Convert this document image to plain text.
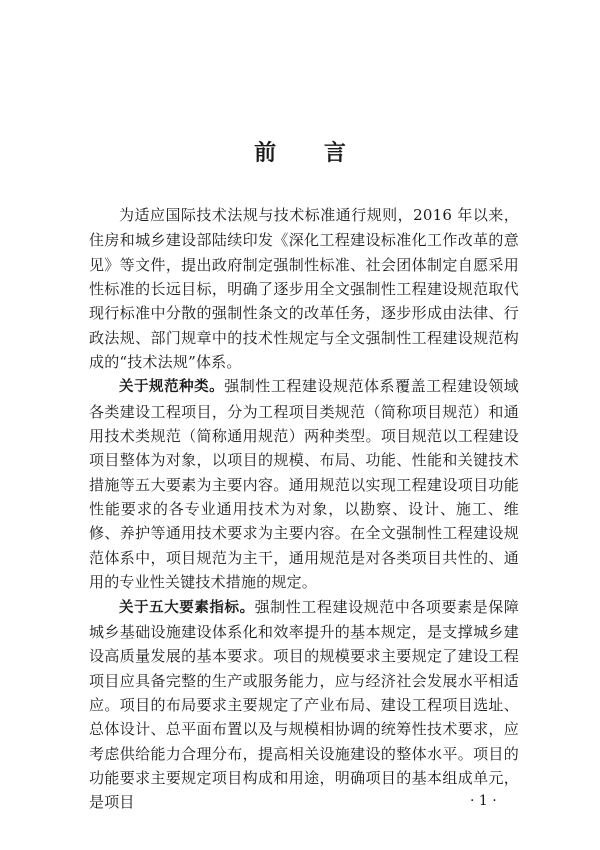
前 言

为适应国际技术法规与技术标准通行规则，2016 年以来，住房和城乡建设部陆续印发《深化工程建设标准化工作改革的意见》等文件，提出政府制定强制性标准、社会团体制定自愿采用性标准的长远目标，明确了逐步用全文强制性工程建设规范取代现行标准中分散的强制性条文的改革任务，逐步形成由法律、行政法规、部门规章中的技术性规定与全文强制性工程建设规范构成的“技术法规”体系。

关于规范种类。强制性工程建设规范体系覆盖工程建设领域各类建设工程项目，分为工程项目类规范（简称项目规范）和通用技术类规范（简称通用规范）两种类型。项目规范以工程建设项目整体为对象，以项目的规模、布局、功能、性能和关键技术措施等五大要素为主要内容。通用规范以实现工程建设项目功能性能要求的各专业通用技术为对象，以勘察、设计、施工、维修、养护等通用技术要求为主要内容。在全文强制性工程建设规范体系中，项目规范为主干，通用规范是对各类项目共性的、通用的专业性关键技术措施的规定。

关于五大要素指标。强制性工程建设规范中各项要素是保障城乡基础设施建设体系化和效率提升的基本规定，是支撑城乡建设高质量发展的基本要求。项目的规模要求主要规定了建设工程项目应具备完整的生产或服务能力，应与经济社会发展水平相适应。项目的布局要求主要规定了产业布局、建设工程项目选址、总体设计、总平面布置以及与规模相协调的统筹性技术要求，应考虑供给能力合理分布，提高相关设施建设的整体水平。项目的功能要求主要规定项目构成和用途，明确项目的基本组成单元，是项目	· 1 ·
